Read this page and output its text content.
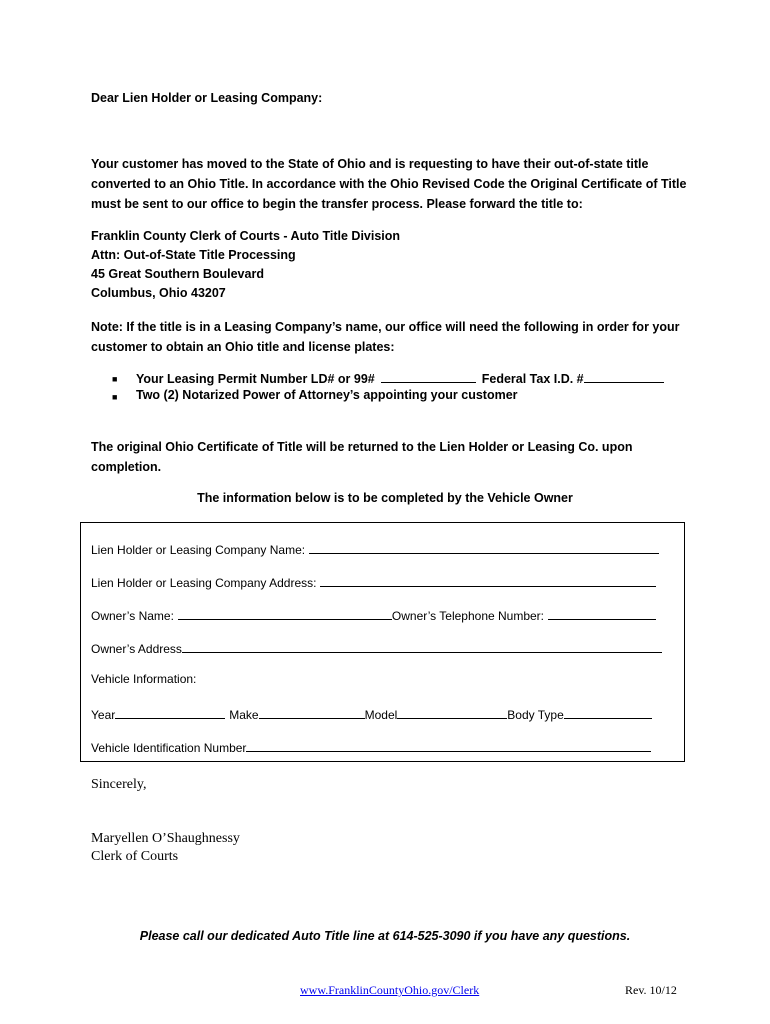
Dear Lien Holder or Leasing Company:
Your customer has moved to the State of Ohio and is requesting to have their out-of-state title
converted to an Ohio Title. In accordance with the Ohio Revised Code the Original Certificate of Title
must be sent to our office to begin the transfer process. Please forward the title to:
Franklin County Clerk of Courts - Auto Title Division
Attn: Out-of-State Title Processing
45 Great Southern Boulevard
Columbus, Ohio 43207
Note: If the title is in a Leasing Company’s name, our office will need the following in order for your
customer to obtain an Ohio title and license plates:
■ Your Leasing Permit Number LD# or 99#	Federal Tax I.D. #
■ Two (2) Notarized Power of Attorney’s appointing your customer
The original Ohio Certificate of Title will be returned to the Lien Holder or Leasing Co. upon
completion.
The information below is to be completed by the Vehicle Owner
Lien Holder or Leasing Company Name:
Lien Holder or Leasing Company Address:
Owner’s Name:	Owner’s Telephone Number:
Owner’s Address
Vehicle Information:
Year	Make	Model	Body Type
Vehicle Identification Number
Sincerely,
Maryellen O’Shaughnessy
Clerk of Courts
Please call our dedicated Auto Title line at 614-525-3090 if you have any questions.
www.FranklinCountyOhio.gov/Clerk	Rev. 10/12
